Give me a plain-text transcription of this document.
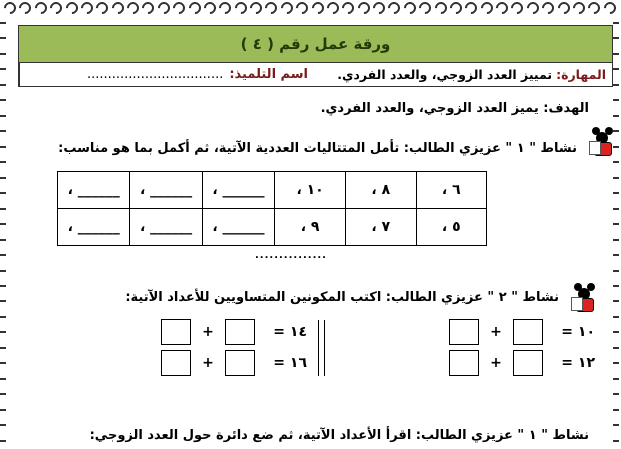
ورقة عمل رقم ( ٤ )
المهارة:
تمييز العدد الزوجي، والعدد الفردي.
اسم التلميذ:
.................................
الهدف: يميز العدد الزوجي، والعدد الفردي.
نشاط " ١ " عزيزي الطالب: تأمل المتتاليات العددية الآتية، ثم أكمل بما هو مناسب:
٦ ،	٨ ،	١٠ ،	______ ،	______ ،	______ ،
٥ ،	٧ ،	٩ ،	______ ،	______ ،	______ ،
...............
نشاط " ٢ " عزيزي الطالب: اكتب المكونين المتساويين للأعداد الآتية:
١٠ =
+
١٢ =
+
١٤ =
+
١٦ =
+
نشاط " ١ " عزيزي الطالب: اقرأ الأعداد الآتية، ثم ضع دائرة حول العدد الزوجي:
